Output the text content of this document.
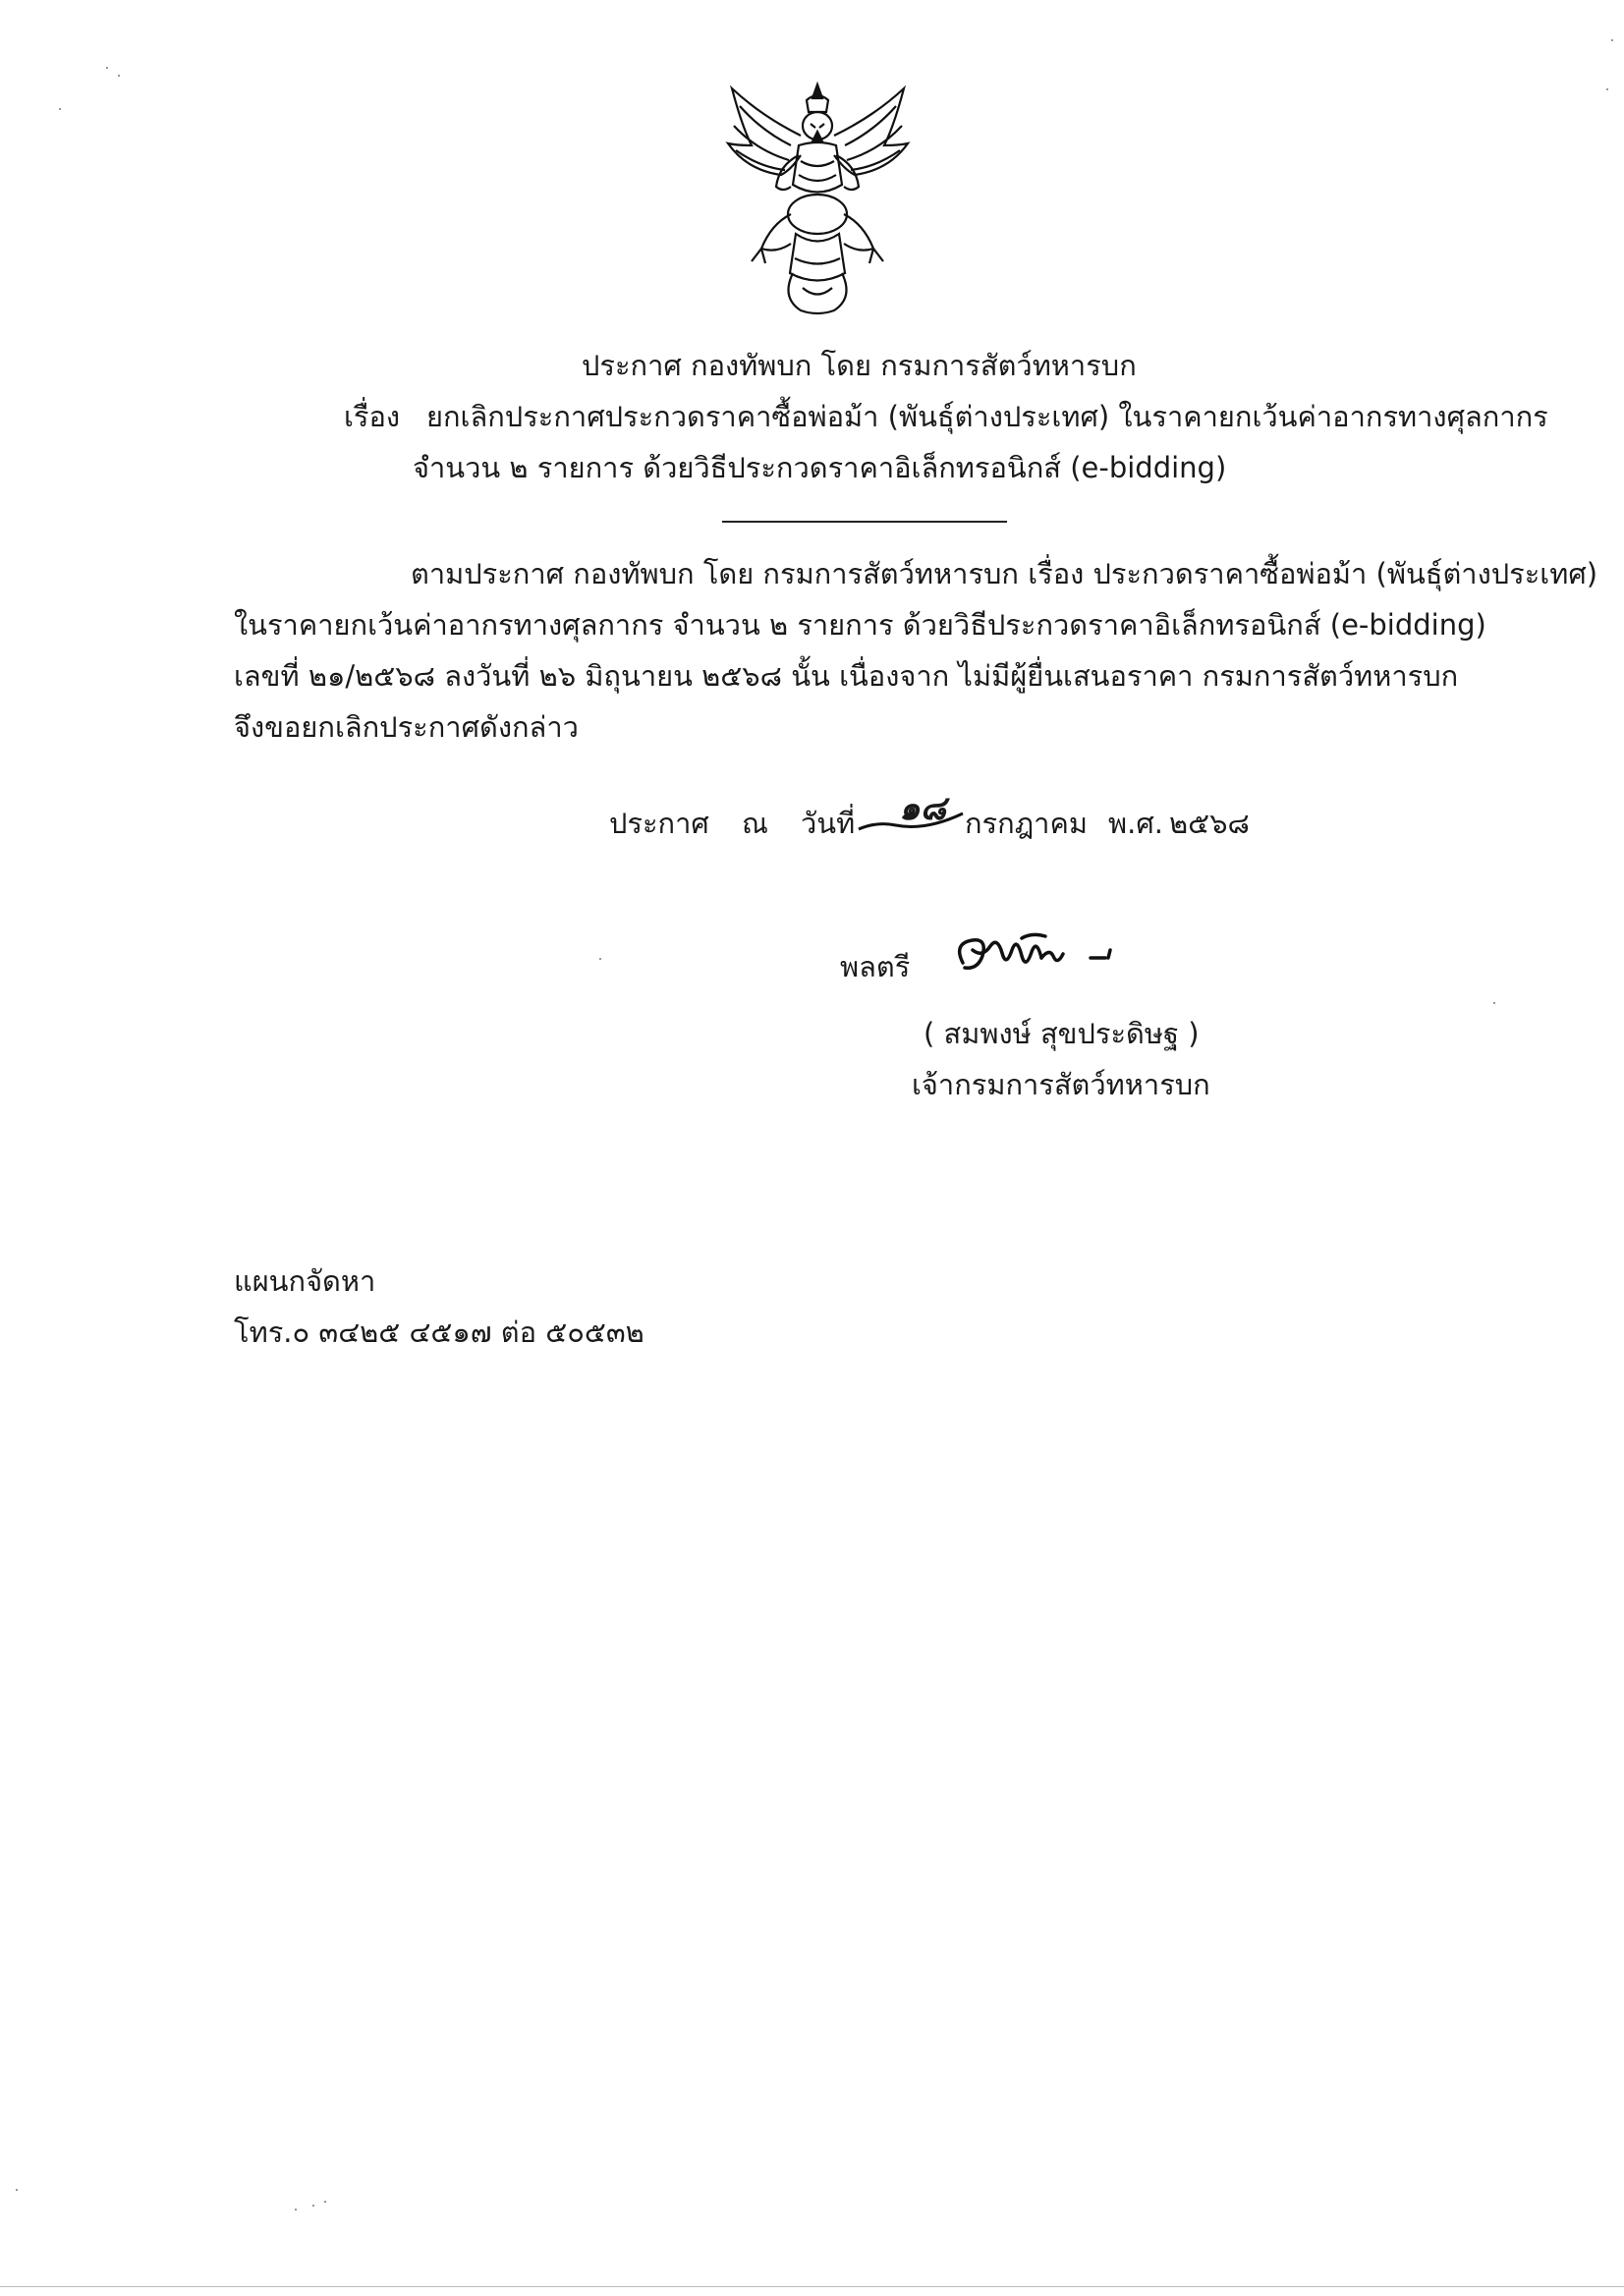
ประกาศ กองทัพบก โดย กรมการสัตว์ทหารบก
เรื่อง ยกเลิกประกาศประกวดราคาซื้อพ่อม้า (พันธุ์ต่างประเทศ) ในราคายกเว้นค่าอากรทางศุลกากร
จำนวน ๒ รายการ ด้วยวิธีประกวดราคาอิเล็กทรอนิกส์ (e-bidding)
ตามประกาศ กองทัพบก โดย กรมการสัตว์ทหารบก เรื่อง ประกวดราคาซื้อพ่อม้า (พันธุ์ต่างประเทศ)
ในราคายกเว้นค่าอากรทางศุลกากร จำนวน ๒ รายการ ด้วยวิธีประกวดราคาอิเล็กทรอนิกส์ (e-bidding)
เลขที่ ๒๑/๒๕๖๘ ลงวันที่ ๒๖ มิถุนายน ๒๕๖๘ นั้น เนื่องจาก ไม่มีผู้ยื่นเสนอราคา กรมการสัตว์ทหารบก
จึงขอยกเลิกประกาศดังกล่าว
ประกาศ ณ วันที่ ๑๘ กรกฎาคม พ.ศ. ๒๕๖๘
พลตรี
( สมพงษ์ สุขประดิษฐ )
เจ้ากรมการสัตว์ทหารบก
แผนกจัดหา
โทร.๐ ๓๔๒๕ ๔๕๑๗ ต่อ ๕๐๕๓๒
